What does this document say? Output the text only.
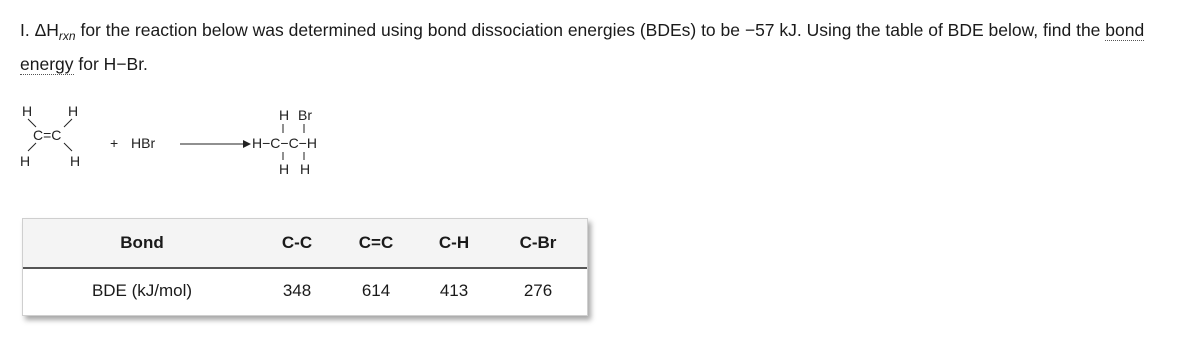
I. $\Delta H_{rxn}$ for the reaction below was determined using bond dissociation energies (BDEs) to be −57 kJ. Using the table of BDE below, find the bond energy for H−Br.
H	H
C=C
H	H
+ HBr
H Br
H−C−C−H
H H
Bond	C-C	C=C	C-H	C-Br

BDE (kJ/mol)	348	614	413	276
